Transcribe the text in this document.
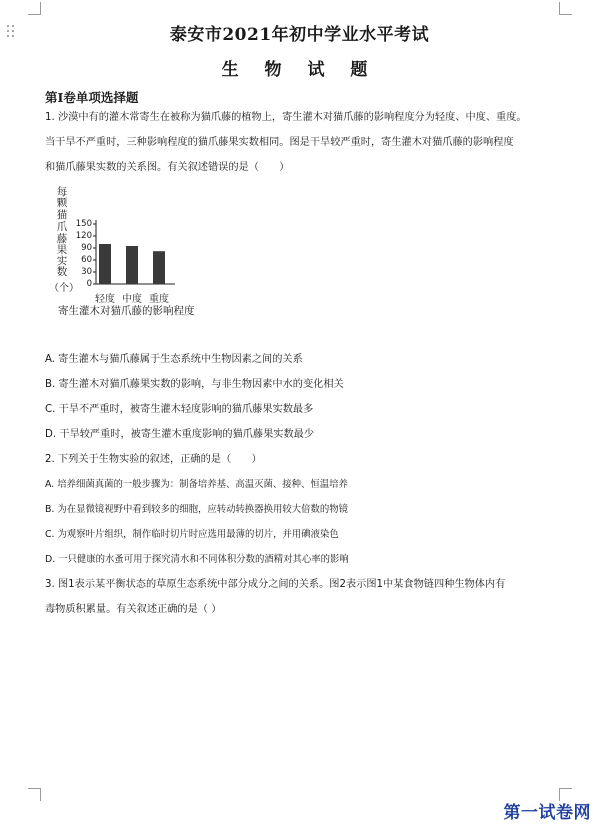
泰安市2021年初中学业水平考试
生 物 试 题
第Ⅰ卷单项选择题
1. 沙漠中有的灌木常寄生在被称为猫爪藤的植物上，寄生灌木对猫爪藤的影响程度分为轻度、中度、重度。
当干旱不严重时，三种影响程度的猫爪藤果实数相同。图是干旱较严重时，寄生灌木对猫爪藤的影响程度
和猫爪藤果实数的关系图。有关叙述错误的是（　　）
每
颗
猫
爪
藤
果
实
数
（个）
150
120
90
60
30
0
轻度 中度 重度
寄生灌木对猫爪藤的影响程度
A. 寄生灌木与猫爪藤属于生态系统中生物因素之间的关系
B. 寄生灌木对猫爪藤果实数的影响，与非生物因素中水的变化相关
C. 干旱不严重时，被寄生灌木轻度影响的猫爪藤果实数最多
D. 干旱较严重时，被寄生灌木重度影响的猫爪藤果实数最少
2. 下列关于生物实验的叙述，正确的是（　　）
A. 培养细菌真菌的一般步骤为：制备培养基、高温灭菌、接种、恒温培养
B. 为在显微镜视野中看到较多的细胞，应转动转换器换用较大倍数的物镜
C. 为观察叶片组织，制作临时切片时应选用最薄的切片，并用碘液染色
D. 一只健康的水蚤可用于探究清水和不同体积分数的酒精对其心率的影响
3. 图1表示某平衡状态的草原生态系统中部分成分之间的关系。图2表示图1中某食物链四种生物体内有
毒物质积累量。有关叙述正确的是（ ）
第一试卷网
